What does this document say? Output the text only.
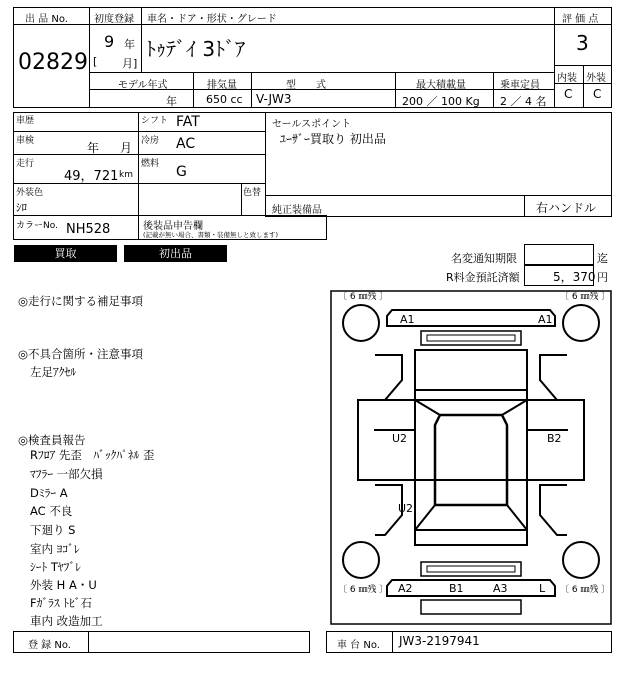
出 品 No.
02829
初度登録
9 年
[ 月]
車名・ドア・形状・グレード
ﾄｩﾃﾞｲ 3ﾄﾞｱ
評 価 点
3
内装 外装
C C
モデル年式
年
排気量
650 cc
型　　式
V-JW3
最大積載量
200 ／ 100 Kg
乗車定員
2 ／ 4 名
車歴
車検	年 月
走行
49，721 km
シフト FAT
冷房 AC
燃料 G
外装色
ｼﾛ
色替
セールスポイント
ﾕｰｻﾞｰ買取り 初出品
純正装備品	右ハンドル
カラーNo. NH528	後装品申告欄
(記載が無い場合、書類・装備無しと致します)
買取	初出品	名変通知期限	迄
R料金預託済額	5，370 円
◎走行に関する補足事項
◎不具合箇所・注意事項
左足ｱｸｾﾙ
◎検査員報告
Rﾌﾛｱ 先歪　ﾊﾞｯｸﾊﾟﾈﾙ 歪
ﾏﾌﾗｰ 一部欠損
Dﾐﾗｰ A
AC 不良
下廻り S
室内 ﾖｺﾞﾚ
ｼｰﾄ Tﾔﾌﾞﾚ
外装 H A・U
Fｶﾞﾗｽ ﾄﾋﾞ石
車内 改造加工
〔 6 ㎜残 〕	〔 6 ㎜残 〕
〔 6 ㎜残 〕	〔 6 ㎜残 〕
A1	A1
U2	B2
U2
A2	B1	A3	L
登 録 No.	車 台 No. JW3-2197941
